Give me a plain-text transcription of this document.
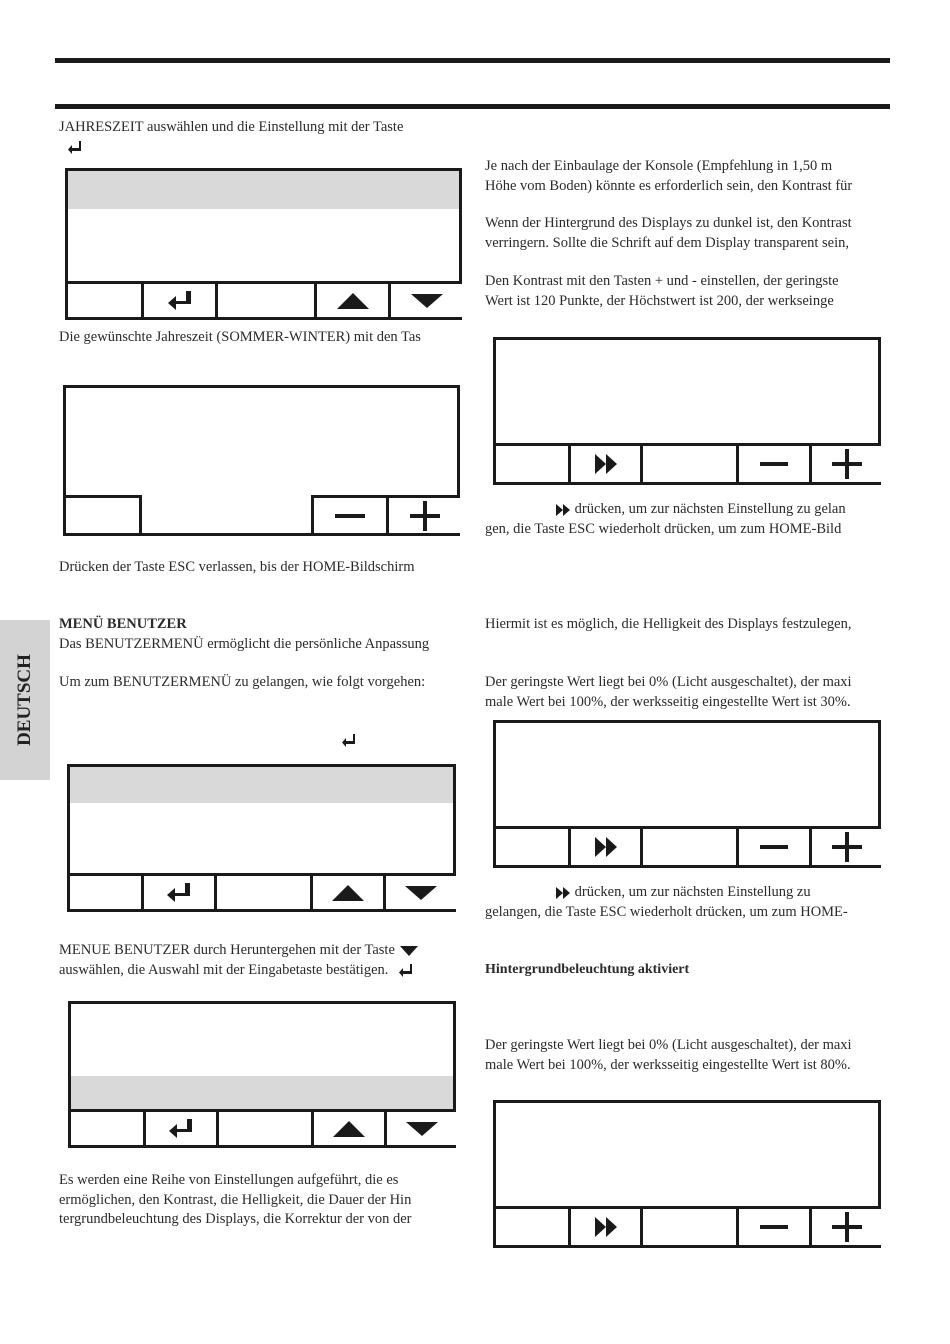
DEUTSCH
JAHRESZEIT auswählen und die Einstellung mit der Taste

Die gewünschte Jahreszeit (SOMMER-WINTER) mit den Tas
Drücken der Taste ESC verlassen, bis der HOME-Bildschirm
MENÜ BENUTZER
Das BENUTZERMENÜ ermöglicht die persönliche Anpassung
Um zum BENUTZERMENÜ zu gelangen, wie folgt vorgehen:
MENUE BENUTZER durch Heruntergehen mit der Taste
auswählen, die Auswahl mit der Eingabetaste bestätigen.
Es werden eine Reihe von Einstellungen aufgeführt, die es
ermöglichen, den Kontrast, die Helligkeit, die Dauer der Hin
tergrundbeleuchtung des Displays, die Korrektur der von der
Je nach der Einbaulage der Konsole (Empfehlung in 1,50 m
Höhe vom Boden) könnte es erforderlich sein, den Kontrast für
Wenn der Hintergrund des Displays zu dunkel ist, den Kontrast
verringern. Sollte die Schrift auf dem Display transparent sein,
Den Kontrast mit den Tasten + und - einstellen, der geringste
Wert ist 120 Punkte, der Höchstwert ist 200, der werkseinge
drücken, um zur nächsten Einstellung zu gelan
gen, die Taste ESC wiederholt drücken, um zum HOME-Bild
Hiermit ist es möglich, die Helligkeit des Displays festzulegen,
Der geringste Wert liegt bei 0% (Licht ausgeschaltet), der maxi
male Wert bei 100%, der werksseitig eingestellte Wert ist 30%.
drücken, um zur nächsten Einstellung zu
gelangen, die Taste ESC wiederholt drücken, um zum HOME-
Hintergrundbeleuchtung aktiviert
Der geringste Wert liegt bei 0% (Licht ausgeschaltet), der maxi
male Wert bei 100%, der werksseitig eingestellte Wert ist 80%.
